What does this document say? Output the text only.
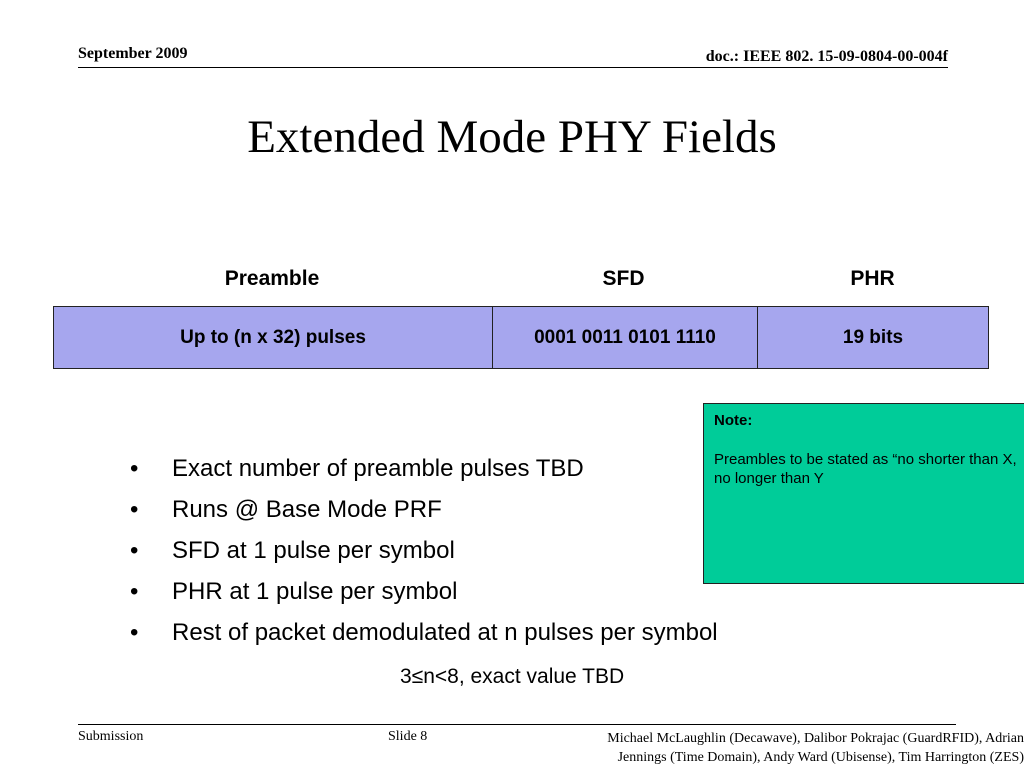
September 2009	doc.: IEEE 802. 15-09-0804-00-004f
Extended Mode PHY Fields
Preamble	SFD	PHR
Up to (n x 32) pulses	0001 0011 0101 1110	19 bits
Note:
Preambles to be stated as “no shorter than X, no longer than Y
•	Exact number of preamble pulses TBD
•	Runs @ Base Mode PRF
•	SFD at 1 pulse per symbol
•	PHR at 1 pulse per symbol
•	Rest of packet demodulated at n pulses per symbol
3≤n<8, exact value TBD
Submission	Slide 8	Michael McLaughlin (Decawave), Dalibor Pokrajac (GuardRFID), Adrian
Jennings (Time Domain), Andy Ward (Ubisense), Tim Harrington (ZES)
